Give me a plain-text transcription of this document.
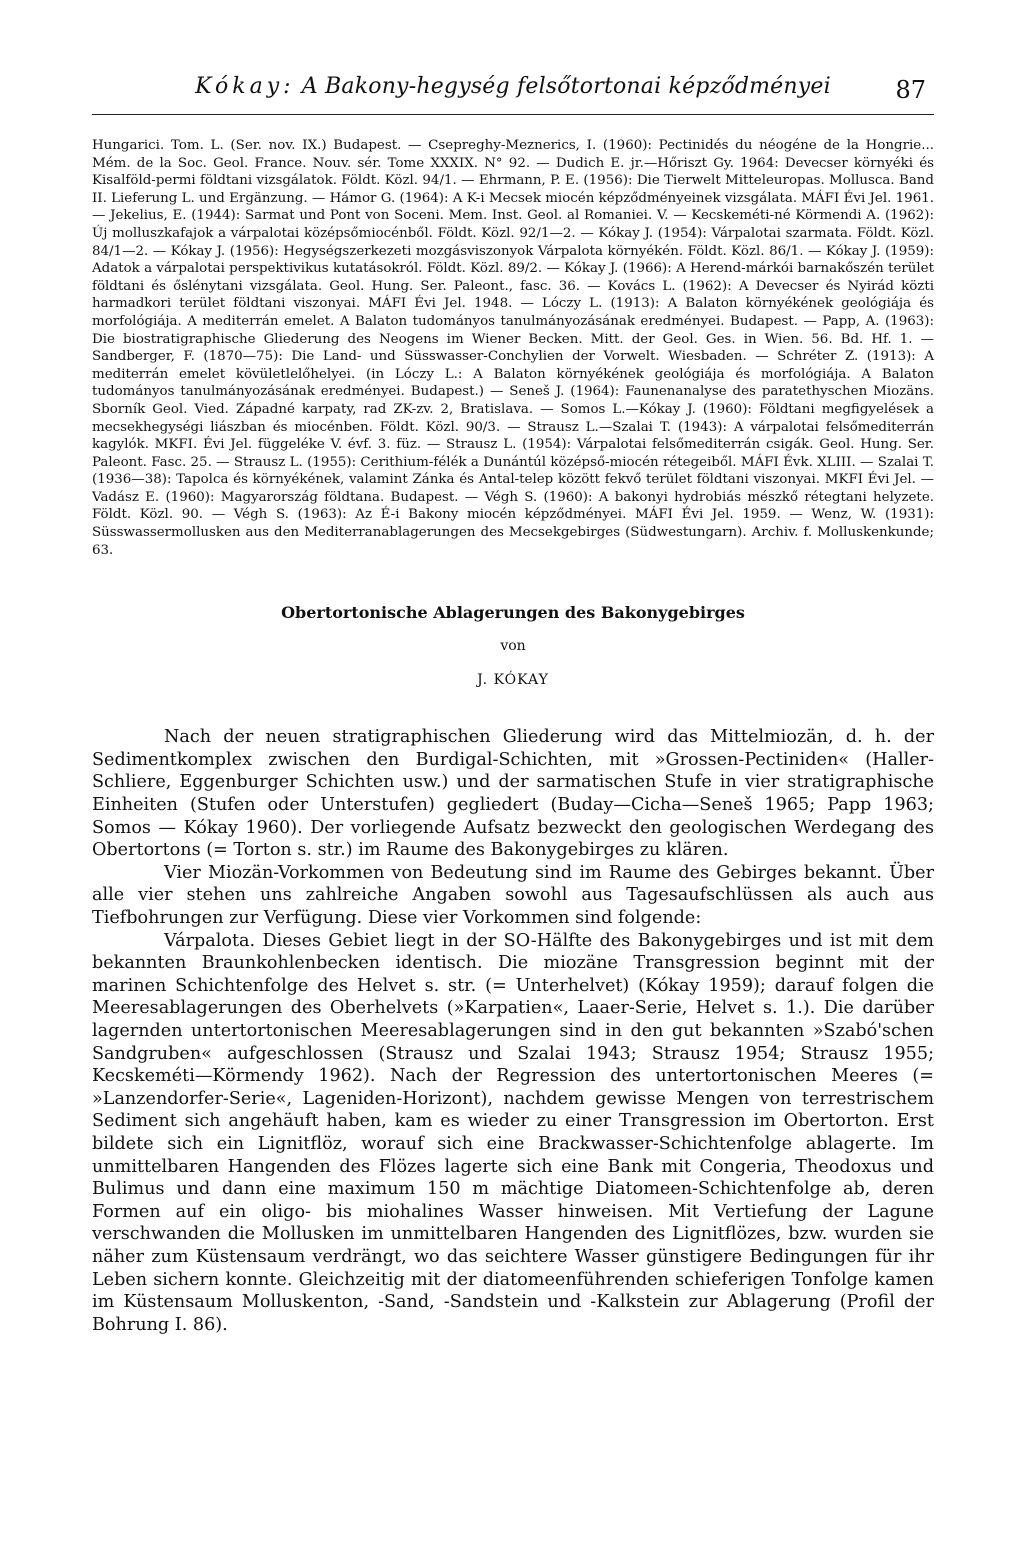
Kókay: A Bakony-hegység felsőtortonai képződményei	87
Hungarici. Tom. L. (Ser. nov. IX.) Budapest. — Csepreghy-Meznerics, I. (1960): Pectinidés du néogéne de la Hongrie... Mém. de la Soc. Geol. France. Nouv. sér. Tome XXXIX. N° 92. — Dudich E. jr.—Hőriszt Gy. 1964: Devecser környéki és Kisalföld-permi földtani vizsgálatok. Földt. Közl. 94/1. — Ehrmann, P. E. (1956): Die Tierwelt Mitteleuropas. Mollusca. Band II. Lieferung L. und Ergänzung. — Hámor G. (1964): A K-i Mecsek miocén képződményeinek vizsgálata. MÁFI Évi Jel. 1961. — Jekelius, E. (1944): Sarmat und Pont von Soceni. Mem. Inst. Geol. al Romaniei. V. — Kecskeméti-né Körmendi A. (1962): Új molluszkafajok a várpalotai középsőmiocénből. Földt. Közl. 92/1—2. — Kókay J. (1954): Várpalotai szarmata. Földt. Közl. 84/1—2. — Kókay J. (1956): Hegységszerkezeti mozgásviszonyok Várpalota környékén. Földt. Közl. 86/1. — Kókay J. (1959): Adatok a várpalotai perspektivikus kutatásokról. Földt. Közl. 89/2. — Kókay J. (1966): A Herend-márkói barnakőszén terület földtani és őslénytani vizsgálata. Geol. Hung. Ser. Paleont., fasc. 36. — Kovács L. (1962): A Devecser és Nyirád közti harmadkori terület földtani viszonyai. MÁFI Évi Jel. 1948. — Lóczy L. (1913): A Balaton környékének geológiája és morfológiája. A mediterrán emelet. A Balaton tudományos tanulmányozásának eredményei. Budapest. — Papp, A. (1963): Die biostratigraphische Gliederung des Neogens im Wiener Becken. Mitt. der Geol. Ges. in Wien. 56. Bd. Hf. 1. — Sandberger, F. (1870—75): Die Land- und Süsswasser-Conchylien der Vorwelt. Wiesbaden. — Schréter Z. (1913): A mediterrán emelet kövületlelőhelyei. (in Lóczy L.: A Balaton környékének geológiája és morfológiája. A Balaton tudományos tanulmányozásának eredményei. Budapest.) — Seneš J. (1964): Faunenanalyse des paratethyschen Miozäns. Sborník Geol. Vied. Západné karpaty, rad ZK-zv. 2, Bratislava. — Somos L.—Kókay J. (1960): Földtani megfigyelések a mecsekhegységi liászban és miocénben. Földt. Közl. 90/3. — Strausz L.—Szalai T. (1943): A várpalotai felsőmediterrán kagylók. MKFI. Évi Jel. függeléke V. évf. 3. füz. — Strausz L. (1954): Várpalotai felsőmediterrán csigák. Geol. Hung. Ser. Paleont. Fasc. 25. — Strausz L. (1955): Cerithium-félék a Dunántúl középső-miocén rétegeiből. MÁFI Évk. XLIII. — Szalai T. (1936—38): Tapolca és környékének, valamint Zánka és Antal-telep között fekvő terület földtani viszonyai. MKFI Évi Jel. — Vadász E. (1960): Magyarország földtana. Budapest. — Végh S. (1960): A bakonyi hydrobiás mészkő rétegtani helyzete. Földt. Közl. 90. — Végh S. (1963): Az É-i Bakony miocén képződményei. MÁFI Évi Jel. 1959. — Wenz, W. (1931): Süsswassermollusken aus den Mediterranablagerungen des Mecsekgebirges (Südwestungarn). Archiv. f. Molluskenkunde; 63.
Obertortonische Ablagerungen des Bakonygebirges
von
J. KÓKAY

Nach der neuen stratigraphischen Gliederung wird das Mittelmiozän, d. h. der Sedimentkomplex zwischen den Burdigal-Schichten, mit »Grossen-Pectiniden« (Haller-Schliere, Eggenburger Schichten usw.) und der sarmatischen Stufe in vier stratigraphische Einheiten (Stufen oder Unterstufen) gegliedert (Buday—Cicha—Seneš 1965; Papp 1963; Somos — Kókay 1960). Der vorliegende Aufsatz bezweckt den geologischen Werdegang des Obertortons (= Torton s. str.) im Raume des Bakonygebirges zu klären.

Vier Miozän-Vorkommen von Bedeutung sind im Raume des Gebirges bekannt. Über alle vier stehen uns zahlreiche Angaben sowohl aus Tagesaufschlüssen als auch aus Tiefbohrungen zur Verfügung. Diese vier Vorkommen sind folgende:

Várpalota. Dieses Gebiet liegt in der SO-Hälfte des Bakonygebirges und ist mit dem bekannten Braunkohlenbecken identisch. Die miozäne Transgression beginnt mit der marinen Schichtenfolge des Helvet s. str. (= Unterhelvet) (Kókay 1959); darauf folgen die Meeresablagerungen des Oberhelvets (»Karpatien«, Laaer-Serie, Helvet s. 1.). Die darüber lagernden untertortonischen Meeresablagerungen sind in den gut bekannten »Szabó'schen Sandgruben« aufgeschlossen (Strausz und Szalai 1943; Strausz 1954; Strausz 1955; Kecskeméti—Körmendy 1962). Nach der Regression des untertortonischen Meeres (= »Lanzendorfer-Serie«, Lageniden-Horizont), nachdem gewisse Mengen von terrestrischem Sediment sich angehäuft haben, kam es wieder zu einer Transgression im Obertorton. Erst bildete sich ein Lignitflöz, worauf sich eine Brackwasser-Schichtenfolge ablagerte. Im unmittelbaren Hangenden des Flözes lagerte sich eine Bank mit Congeria, Theodoxus und Bulimus und dann eine maximum 150 m mächtige Diatomeen-Schichtenfolge ab, deren Formen auf ein oligo- bis miohalines Wasser hinweisen. Mit Vertiefung der Lagune verschwanden die Mollusken im unmittelbaren Hangenden des Lignitflözes, bzw. wurden sie näher zum Küstensaum verdrängt, wo das seichtere Wasser günstigere Bedingungen für ihr Leben sichern konnte. Gleichzeitig mit der diatomeenführenden schieferigen Tonfolge kamen im Küstensaum Molluskenton, -Sand, -Sandstein und -Kalkstein zur Ablagerung (Profil der Bohrung I. 86).
